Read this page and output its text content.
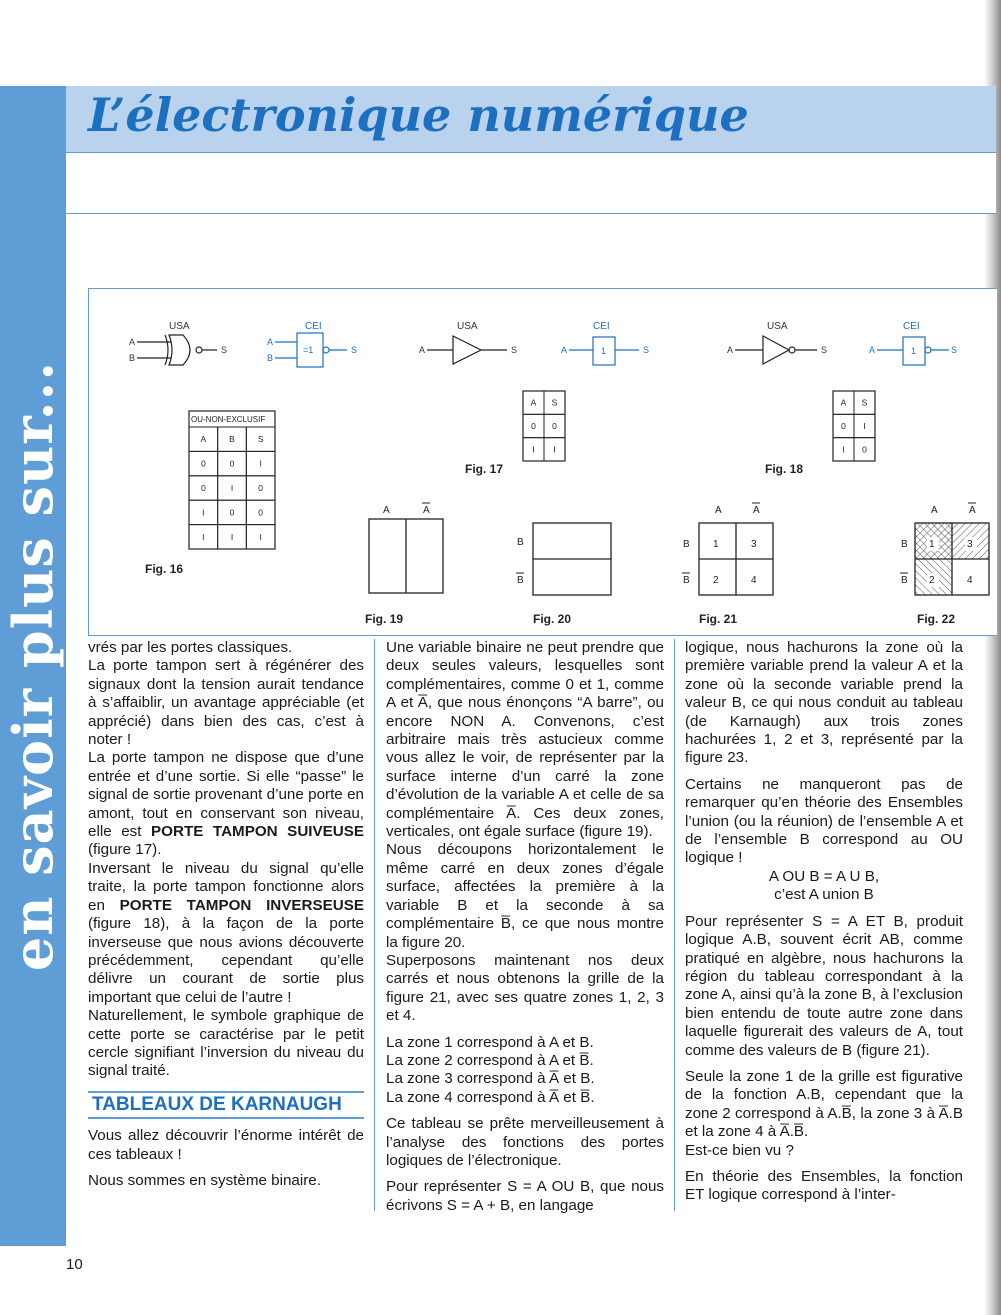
en savoir plus sur...
L’électronique numérique
USA
A
B
S
CEI
A
B
=1	S
OU-NON-EXCLUSIF
A	B	S
0	0	I
0	I	0
I	0	0
I	I	I
Fig. 16
USA
A	S
CEI
A	1	S
A S
0 0
I I
Fig. 17
USA
A	S
CEI
A	1	S
A S
0 I
I 0
Fig. 18
A	A
Fig. 19
B
B
Fig. 20
A	A
B
B
1	3
2	4
Fig. 21
A	A
B
B
1	3
2	4
Fig. 22

vrés par les portes classiques.

La porte tampon sert à régénérer des signaux dont la tension aurait tendance à s’affaiblir, un avantage appréciable (et apprécié) dans bien des cas, c’est à noter !

La porte tampon ne dispose que d’une entrée et d’une sortie. Si elle “passe” le signal de sortie provenant d’une porte en amont, tout en conservant son niveau, elle est PORTE TAMPON SUIVEUSE (figure 17).

Inversant le niveau du signal qu’elle traite, la porte tampon fonctionne alors en PORTE TAMPON INVERSEUSE (figure 18), à la façon de la porte inverseuse que nous avions découverte précédemment, cependant qu’elle délivre un courant de sortie plus important que celui de l’autre !

Naturellement, le symbole graphique de cette porte se caractérise par le petit cercle signifiant l’inversion du niveau du signal traité.

TABLEAUX DE KARNAUGH

Vous allez découvrir l’énorme intérêt de ces tableaux !

Nous sommes en système binaire.

Une variable binaire ne peut prendre que deux seules valeurs, lesquelles sont complémentaires, comme 0 et 1, comme A et A̅, que nous énonçons “A barre”, ou encore NON A. Convenons, c’est arbitraire mais très astucieux comme vous allez le voir, de représenter par la surface interne d’un carré la zone d’évolution de la variable A et celle de sa complémentaire A̅. Ces deux zones, verticales, ont égale surface (figure 19).

Nous découpons horizontalement le même carré en deux zones d’égale surface, affectées la première à la variable B et la seconde à sa complémentaire B̅, ce que nous montre la figure 20.

Superposons maintenant nos deux carrés et nous obtenons la grille de la figure 21, avec ses quatre zones 1, 2, 3 et 4.

La zone 1 correspond à A et B.

La zone 2 correspond à A et B̅.

La zone 3 correspond à A̅ et B.

La zone 4 correspond à A̅ et B̅.

Ce tableau se prête merveilleusement à l’analyse des fonctions des portes logiques de l’électronique.

Pour représenter S = A OU B, que nous écrivons S = A + B, en langage

logique, nous hachurons la zone où la première variable prend la valeur A et la zone où la seconde variable prend la valeur B, ce qui nous conduit au tableau (de Karnaugh) aux trois zones hachurées 1, 2 et 3, représenté par la figure 23.

Certains ne manqueront pas de remarquer qu’en théorie des Ensembles l’union (ou la réunion) de l’ensemble A et de l’ensemble B correspond au OU logique !

A OU B = A U B,

c’est A union B

Pour représenter S = A ET B, produit logique A.B, souvent écrit AB, comme pratiqué en algèbre, nous hachurons la région du tableau correspondant à la zone A, ainsi qu’à la zone B, à l’exclusion bien entendu de toute autre zone dans laquelle figurerait des valeurs de A, tout comme des valeurs de B (figure 21).

Seule la zone 1 de la grille est figurative de la fonction A.B, cependant que la zone 2 correspond à A.B̅, la zone 3 à A̅.B et la zone 4 à A̅.B̅.

Est-ce bien vu ?

En théorie des Ensembles, la fonction ET logique correspond à l’inter-

10
